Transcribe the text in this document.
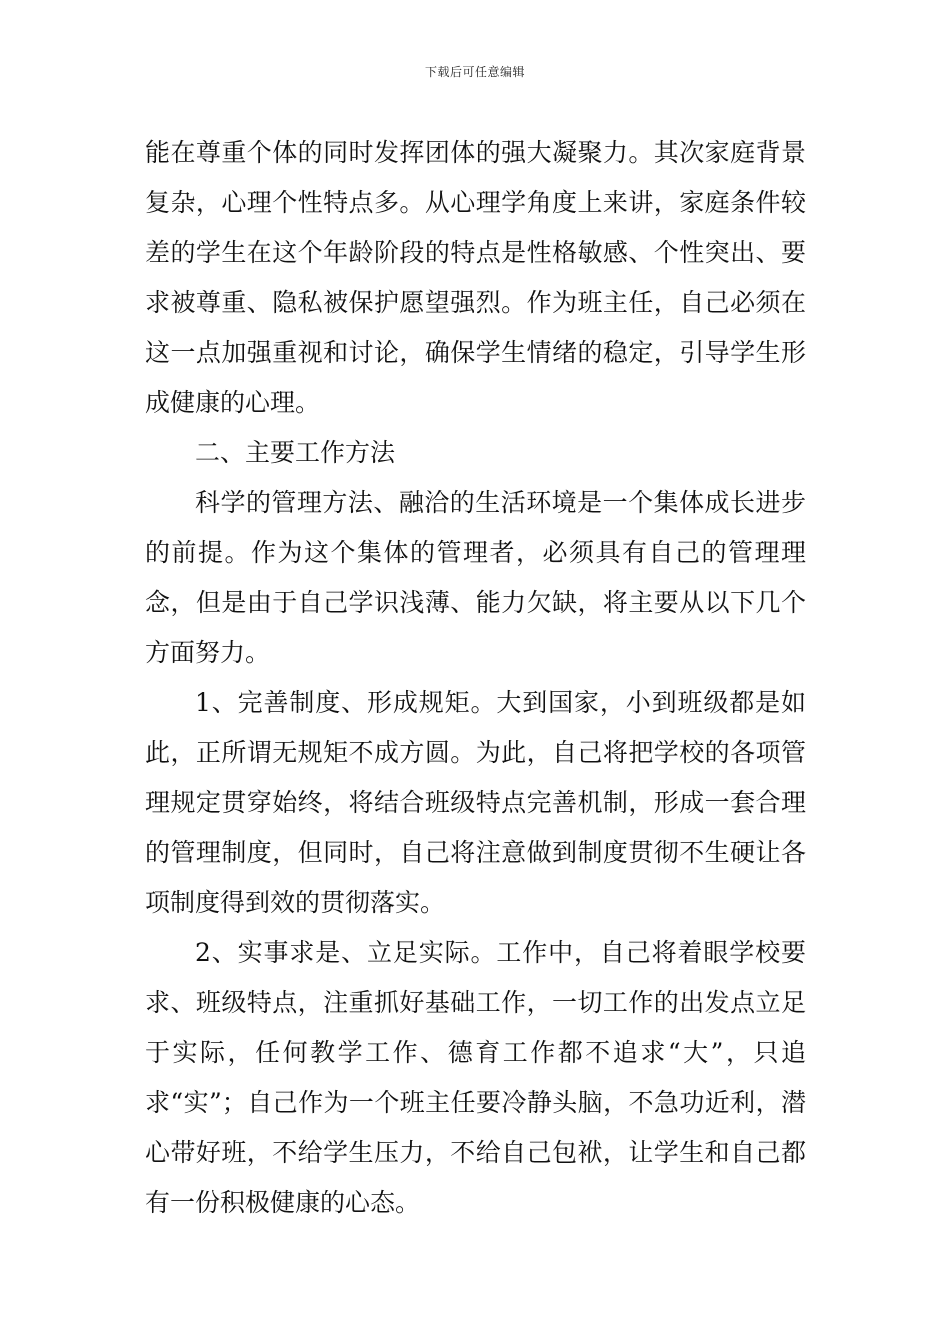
下载后可任意编辑

能在尊重个体的同时发挥团体的强大凝聚力。其次家庭背景复杂，心理个性特点多。从心理学角度上来讲，家庭条件较差的学生在这个年龄阶段的特点是性格敏感、个性突出、要求被尊重、隐私被保护愿望强烈。作为班主任，自己必须在这一点加强重视和讨论，确保学生情绪的稳定，引导学生形成健康的心理。

二、主要工作方法

科学的管理方法、融洽的生活环境是一个集体成长进步的前提。作为这个集体的管理者，必须具有自己的管理理念，但是由于自己学识浅薄、能力欠缺，将主要从以下几个方面努力。

1、完善制度、形成规矩。大到国家，小到班级都是如此，正所谓无规矩不成方圆。为此，自己将把学校的各项管理规定贯穿始终，将结合班级特点完善机制，形成一套合理的管理制度，但同时，自己将注意做到制度贯彻不生硬让各项制度得到效的贯彻落实。

2、实事求是、立足实际。工作中，自己将着眼学校要求、班级特点，注重抓好基础工作，一切工作的出发点立足于实际，任何教学工作、德育工作都不追求“大”，只追求“实”；自己作为一个班主任要冷静头脑，不急功近利，潜心带好班，不给学生压力，不给自己包袱，让学生和自己都有一份积极健康的心态。
